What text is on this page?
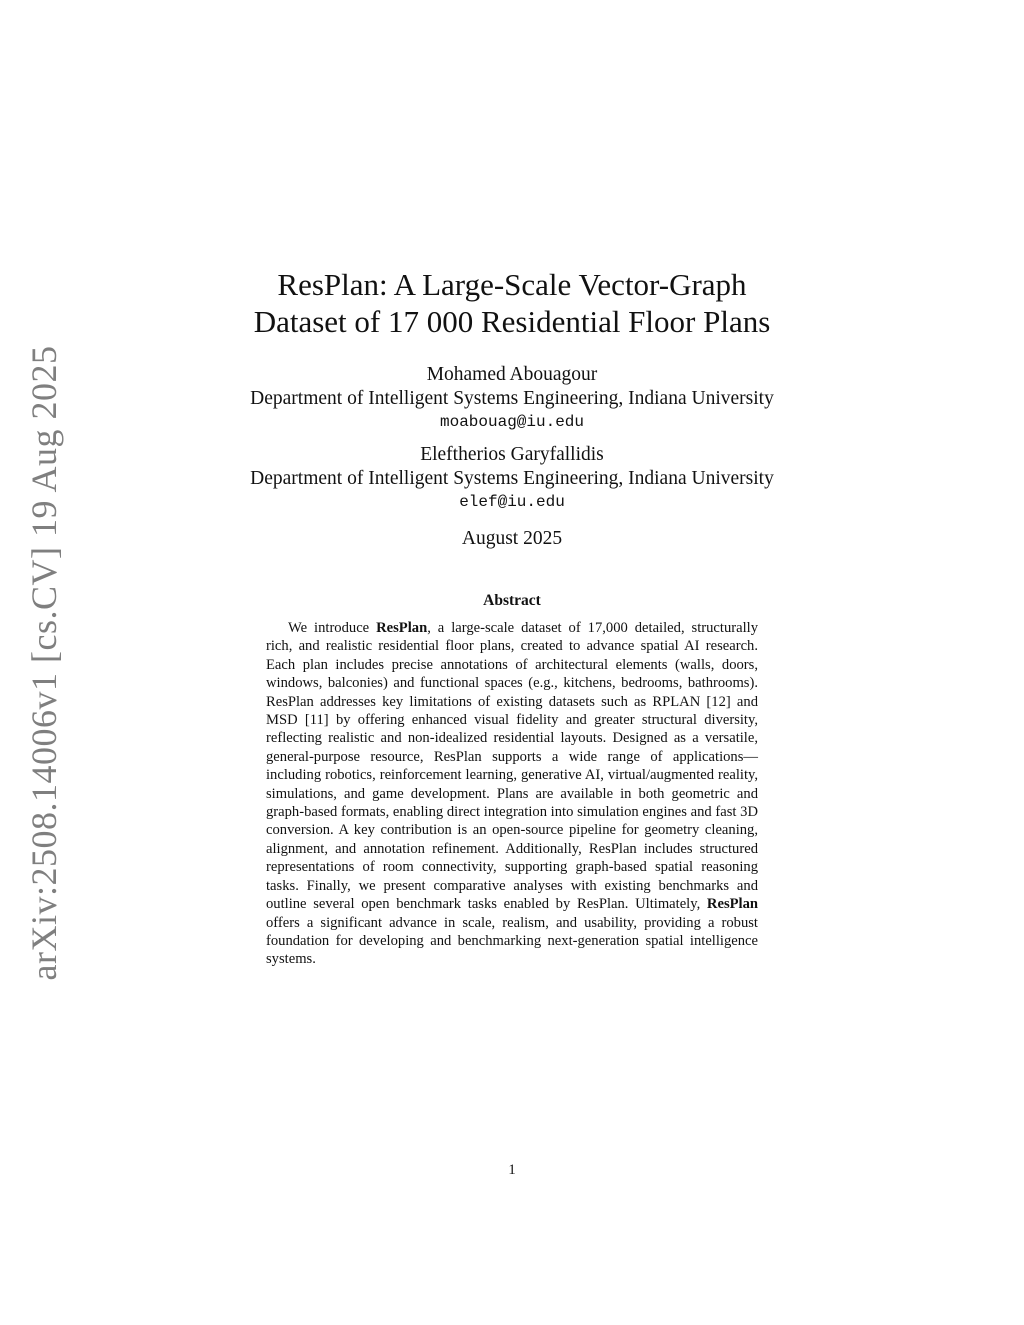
arXiv:2508.14006v1 [cs.CV] 19 Aug 2025
ResPlan: A Large-Scale Vector-Graph
Dataset of 17 000 Residential Floor Plans
Mohamed Abouagour
Department of Intelligent Systems Engineering, Indiana University
moabouag@iu.edu
Eleftherios Garyfallidis
Department of Intelligent Systems Engineering, Indiana University
elef@iu.edu
August 2025
Abstract

We introduce ResPlan, a large-scale dataset of 17,000 detailed, structurally rich, and realistic residential floor plans, created to advance spatial AI research. Each plan includes precise annotations of architectural elements (walls, doors, windows, balconies) and functional spaces (e.g., kitchens, bedrooms, bathrooms). ResPlan addresses key limitations of existing datasets such as RPLAN [12] and MSD [11] by offering enhanced visual fidelity and greater structural diversity, reflecting realistic and non-idealized residential layouts. Designed as a versatile, general-purpose resource, ResPlan supports a wide range of applications—including robotics, reinforcement learning, generative AI, virtual/augmented reality, simulations, and game development. Plans are available in both geometric and graph-based formats, enabling direct integration into simulation engines and fast 3D conversion. A key contribution is an open-source pipeline for geometry cleaning, alignment, and annotation refinement. Additionally, ResPlan includes structured representations of room connectivity, supporting graph-based spatial reasoning tasks. Finally, we present comparative analyses with existing benchmarks and outline several open benchmark tasks enabled by ResPlan. Ultimately, ResPlan offers a significant advance in scale, realism, and usability, providing a robust foundation for developing and benchmarking next-generation spatial intelligence systems.

1
